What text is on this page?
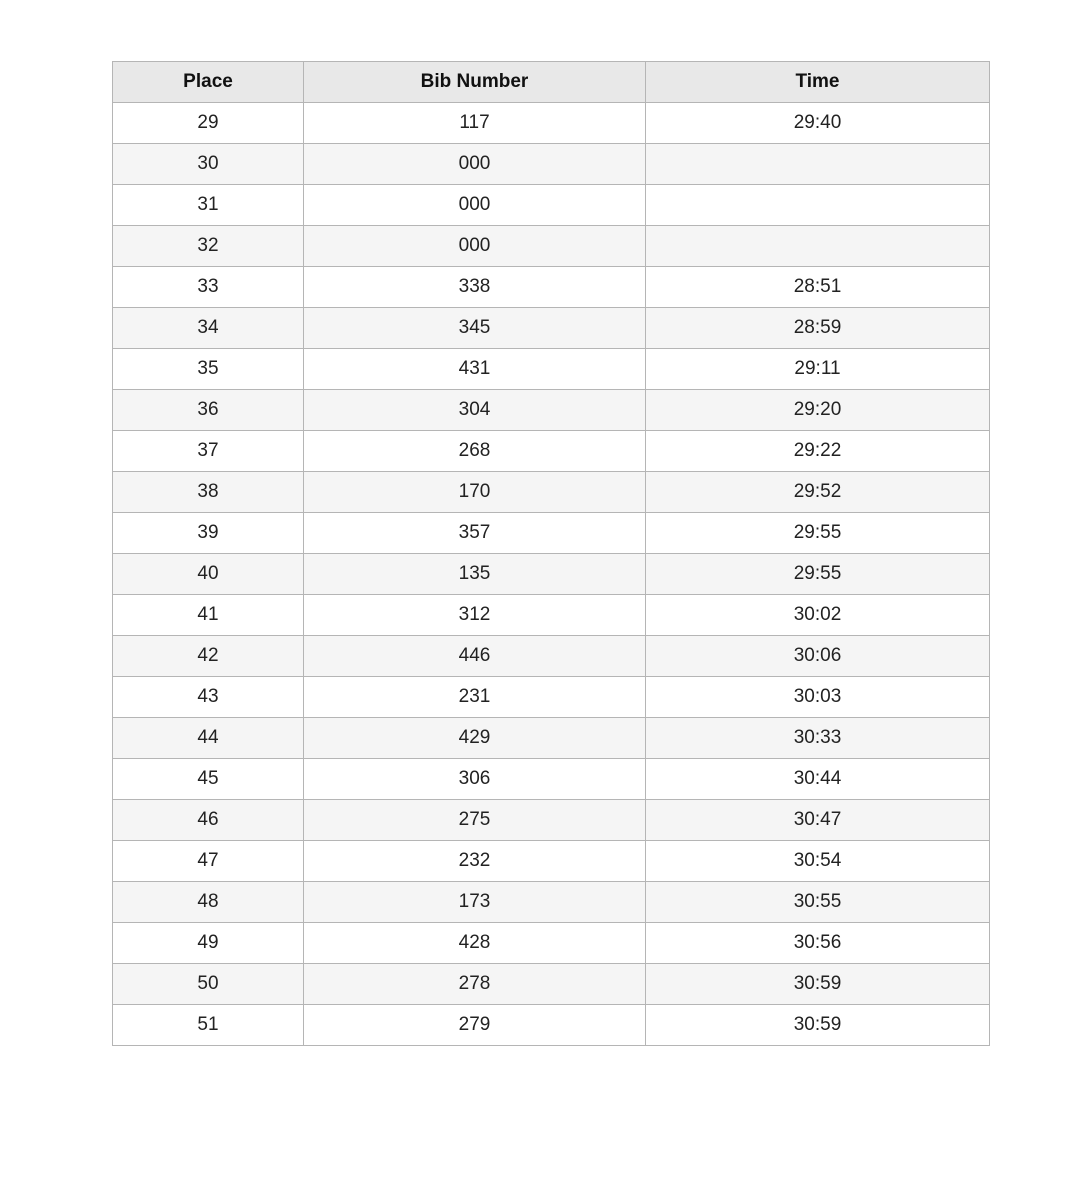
Place	Bib Number	Time
29	117	29:40
30	000	
31	000	
32	000	
33	338	28:51
34	345	28:59
35	431	29:11
36	304	29:20
37	268	29:22
38	170	29:52
39	357	29:55
40	135	29:55
41	312	30:02
42	446	30:06
43	231	30:03
44	429	30:33
45	306	30:44
46	275	30:47
47	232	30:54
48	173	30:55
49	428	30:56
50	278	30:59
51	279	30:59
